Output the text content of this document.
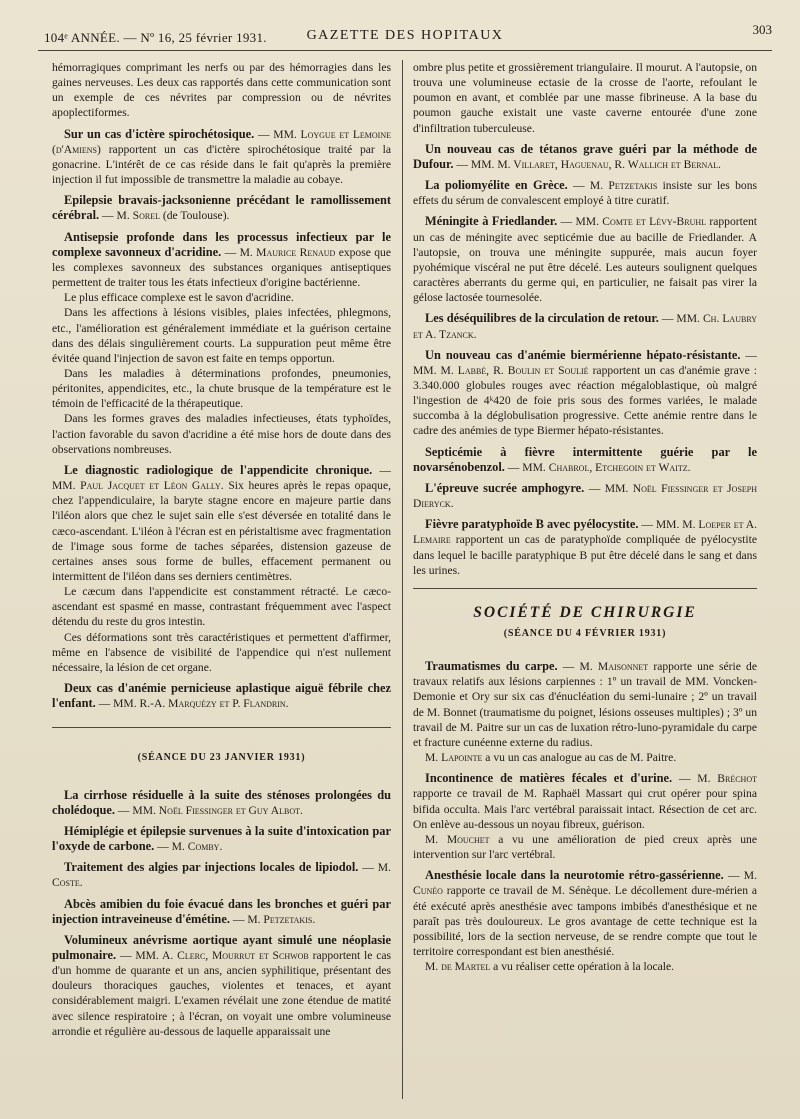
104ᵉ ANNÉE. — Nº 16, 25 février 1931.	GAZETTE DES HOPITAUX	303

hémorragiques comprimant les nerfs ou par des hémorragies dans les gaines nerveuses. Les deux cas rapportés dans cette communication sont un exemple de ces névrites par compression ou de névrites apoplectiformes.

Sur un cas d'ictère spirochétosique. — MM. Loygue et Lemoine (d'Amiens) rapportent un cas d'ictère spirochétosique traité par la gonacrine. L'intérêt de ce cas réside dans le fait qu'après la première injection il fut impossible de transmettre la maladie au cobaye.

Epilepsie bravais-jacksonienne précédant le ramollissement cérébral. — M. Sorel (de Toulouse).

Antisepsie profonde dans les processus infectieux par le complexe savonneux d'acridine. — M. Maurice Renaud expose que les complexes savonneux des substances organiques antiseptiques permettent de traiter tous les états infectieux d'origine bactérienne.

Le plus efficace complexe est le savon d'acridine.

Dans les affections à lésions visibles, plaies infectées, phlegmons, etc., l'amélioration est généralement immédiate et la guérison certaine dans des délais singulièrement courts. La suppuration peut même être évitée quand l'injection de savon est faite en temps opportun.

Dans les maladies à déterminations profondes, pneumonies, péritonites, appendicites, etc., la chute brusque de la température est le témoin de l'efficacité de la thérapeutique.

Dans les formes graves des maladies infectieuses, états typhoïdes, l'action favorable du savon d'acridine a été mise hors de doute dans des observations nombreuses.

Le diagnostic radiologique de l'appendicite chronique. — MM. Paul Jacquet et Léon Gally. Six heures après le repas opaque, chez l'appendiculaire, la baryte stagne encore en majeure partie dans l'iléon alors que chez le sujet sain elle s'est déversée en totalité dans le cæco-ascendant. L'iléon à l'écran est en péristaltisme avec fragmentation de l'image sous forme de taches séparées, distension gazeuse de certaines anses sous forme de bulles, effacement permanent ou intermittent de l'iléon dans ses derniers centimètres.

Le cæcum dans l'appendicite est constamment rétracté. Le cæco-ascendant est spasmé en masse, contrastant fréquemment avec l'aspect détendu du reste du gros intestin.

Ces déformations sont très caractéristiques et permettent d'affirmer, même en l'absence de visibilité de l'appendice qui n'est nullement nécessaire, la lésion de cet organe.

Deux cas d'anémie pernicieuse aplastique aiguë fébrile chez l'enfant. — MM. R.-A. Marquézy et P. Flandrin.

(SÉANCE DU 23 JANVIER 1931)

La cirrhose résiduelle à la suite des sténoses prolongées du cholédoque. — MM. Noël Fiessinger et Guy Albot.

Hémiplégie et épilepsie survenues à la suite d'intoxication par l'oxyde de carbone. — M. Comby.

Traitement des algies par injections locales de lipiodol. — M. Coste.

Abcès amibien du foie évacué dans les bronches et guéri par injection intraveineuse d'émétine. — M. Petzetakis.

Volumineux anévrisme aortique ayant simulé une néoplasie pulmonaire. — MM. A. Clerc, Mourrut et Schwob rapportent le cas d'un homme de quarante et un ans, ancien syphilitique, présentant des douleurs thoraciques gauches, violentes et tenaces, et ayant considérablement maigri. L'examen révélait une zone étendue de matité avec silence respiratoire ; à l'écran, on voyait une ombre volumineuse arrondie et régulière au-dessous de laquelle apparaissait une

ombre plus petite et grossièrement triangulaire. Il mourut. A l'autopsie, on trouva une volumineuse ectasie de la crosse de l'aorte, refoulant le poumon en avant, et comblée par une masse fibrineuse. A la base du poumon gauche existait une vaste caverne entourée d'une zone d'infiltration tuberculeuse.

Un nouveau cas de tétanos grave guéri par la méthode de Dufour. — MM. M. Villaret, Haguenau, R. Wallich et Bernal.

La poliomyélite en Grèce. — M. Petzetakis insiste sur les bons effets du sérum de convalescent employé à titre curatif.

Méningite à Friedlander. — MM. Comte et Lévy-Bruhl rapportent un cas de méningite avec septicémie due au bacille de Friedlander. A l'autopsie, on trouva une méningite suppurée, mais aucun foyer pyohémique viscéral ne put être décelé. Les auteurs soulignent quelques caractères aberrants du germe qui, en particulier, ne faisait pas virer la gélose lactosée tournesolée.

Les déséquilibres de la circulation de retour. — MM. Ch. Laubry et A. Tzanck.

Un nouveau cas d'anémie biermérienne hépato-résistante. — MM. M. Labbé, R. Boulin et Soulié rapportent un cas d'anémie grave : 3.340.000 globules rouges avec réaction mégaloblastique, où malgré l'ingestion de 4ᵏ420 de foie pris sous des formes variées, le malade succomba à la déglobulisation progressive. Cette anémie rentre dans le cadre des anémies de type Biermer hépato-résistantes.

Septicémie à fièvre intermittente guérie par le novarsénobenzol. — MM. Chabrol, Etchegoin et Waitz.

L'épreuve sucrée amphogyre. — MM. Noël Fiessinger et Joseph Dieryck.

Fièvre paratyphoïde B avec pyélocystite. — MM. M. Loeper et A. Lemaire rapportent un cas de paratyphoïde compliquée de pyélocystite dans lequel le bacille paratyphique B put être décelé dans le sang et dans les urines.

SOCIÉTÉ DE CHIRURGIE
(SÉANCE DU 4 FÉVRIER 1931)

Traumatismes du carpe. — M. Maisonnet rapporte une série de travaux relatifs aux lésions carpiennes : 1º un travail de MM. Voncken-Demonie et Ory sur six cas d'énucléation du semi-lunaire ; 2º un travail de M. Bonnet (traumatisme du poignet, lésions osseuses multiples) ; 3º un travail de M. Paitre sur un cas de luxation rétro-luno-pyramidale du carpe et fracture cunéenne externe du radius.

M. Lapointe a vu un cas analogue au cas de M. Paitre.

Incontinence de matières fécales et d'urine. — M. Bréchot rapporte ce travail de M. Raphaël Massart qui crut opérer pour spina bifida occulta. Mais l'arc vertébral paraissait intact. Résection de cet arc. On enlève au-dessous un noyau fibreux, guérison.

M. Mouchet a vu une amélioration de pied creux après une intervention sur l'arc vertébral.

Anesthésie locale dans la neurotomie rétro-gassérienne. — M. Cunéo rapporte ce travail de M. Sénèque. Le décollement dure-mérien a été exécuté après anesthésie avec tampons imbibés d'anesthésique et ne paraît pas très douloureux. Le gros avantage de cette technique est la possibilité, lors de la section nerveuse, de se rendre compte que tout le territoire correspondant est bien anesthésié.

M. de Martel a vu réaliser cette opération à la locale.
